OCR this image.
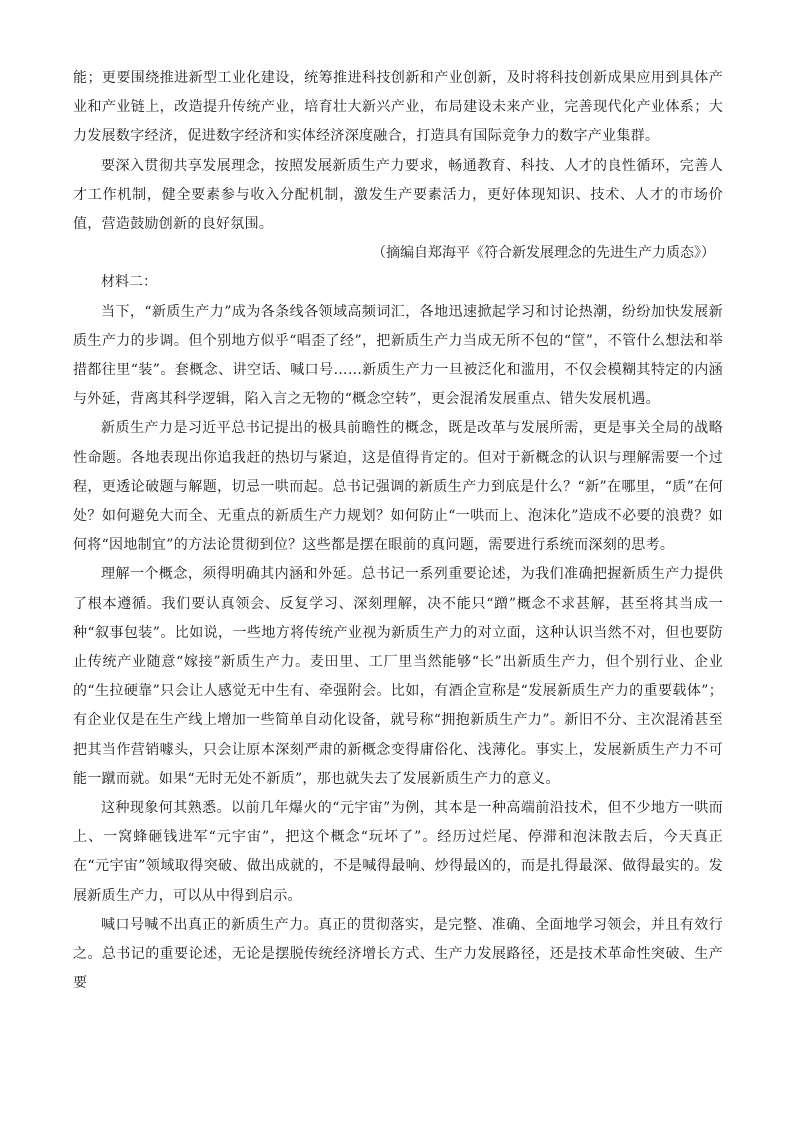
能；更要围绕推进新型工业化建设，统筹推进科技创新和产业创新，及时将科技创新成果应用到具体产业和产业链上，改造提升传统产业，培育壮大新兴产业，布局建设未来产业，完善现代化产业体系；大力发展数字经济，促进数字经济和实体经济深度融合，打造具有国际竞争力的数字产业集群。

要深入贯彻共享发展理念，按照发展新质生产力要求，畅通教育、科技、人才的良性循环，完善人才工作机制，健全要素参与收入分配机制，激发生产要素活力，更好体现知识、技术、人才的市场价值，营造鼓励创新的良好氛围。

（摘编自郑海平《符合新发展理念的先进生产力质态》）

材料二：

当下，“新质生产力”成为各条线各领域高频词汇，各地迅速掀起学习和讨论热潮，纷纷加快发展新质生产力的步调。但个别地方似乎“唱歪了经”，把新质生产力当成无所不包的“筐”，不管什么想法和举措都往里“装”。套概念、讲空话、喊口号……新质生产力一旦被泛化和滥用，不仅会模糊其特定的内涵与外延，背离其科学逻辑，陷入言之无物的“概念空转”，更会混淆发展重点、错失发展机遇。

新质生产力是习近平总书记提出的极具前瞻性的概念，既是改革与发展所需，更是事关全局的战略性命题。各地表现出你追我赶的热切与紧迫，这是值得肯定的。但对于新概念的认识与理解需要一个过程，更透论破题与解题，切忌一哄而起。总书记强调的新质生产力到底是什么？“新”在哪里，“质”在何处？如何避免大而全、无重点的新质生产力规划？如何防止“一哄而上、泡沫化”造成不必要的浪费？如何将“因地制宜”的方法论贯彻到位？这些都是摆在眼前的真问题，需要进行系统而深刻的思考。

理解一个概念，须得明确其内涵和外延。总书记一系列重要论述，为我们准确把握新质生产力提供了根本遵循。我们要认真领会、反复学习、深刻理解，决不能只“蹭”概念不求甚解，甚至将其当成一种“叙事包装”。比如说，一些地方将传统产业视为新质生产力的对立面，这种认识当然不对，但也要防止传统产业随意“嫁接”新质生产力。麦田里、工厂里当然能够“长”出新质生产力，但个别行业、企业的“生拉硬靠”只会让人感觉无中生有、牵强附会。比如，有酒企宣称是“发展新质生产力的重要载体”；有企业仅是在生产线上增加一些简单自动化设备，就号称“拥抱新质生产力”。新旧不分、主次混淆甚至把其当作营销噱头，只会让原本深刻严肃的新概念变得庸俗化、浅薄化。事实上，发展新质生产力不可能一蹴而就。如果“无时无处不新质”，那也就失去了发展新质生产力的意义。

这种现象何其熟悉。以前几年爆火的“元宇宙”为例，其本是一种高端前沿技术，但不少地方一哄而上、一窝蜂砸钱进军“元宇宙”，把这个概念“玩坏了”。经历过烂尾、停滞和泡沫散去后，今天真正在“元宇宙”领域取得突破、做出成就的，不是喊得最响、炒得最凶的，而是扎得最深、做得最实的。发展新质生产力，可以从中得到启示。

喊口号喊不出真正的新质生产力。真正的贯彻落实，是完整、准确、全面地学习领会，并且有效行之。总书记的重要论述，无论是摆脱传统经济增长方式、生产力发展路径，还是技术革命性突破、生产要
